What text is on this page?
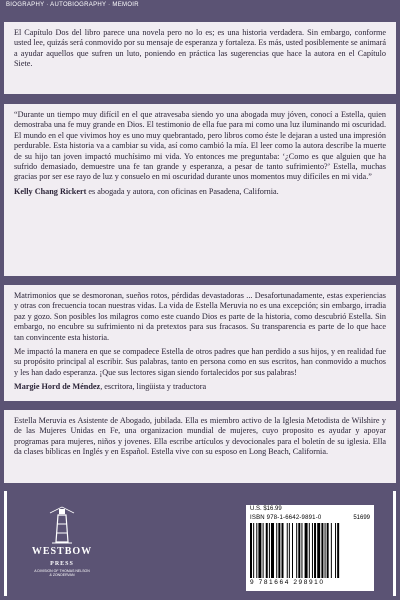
BIOGRAPHY · AUTOBIOGRAPHY · MEMOIR

El Capítulo Dos del libro parece una novela pero no lo es; es una historia verdadera. Sin embargo, conforme usted lee, quizás será conmovido por su mensaje de esperanza y fortaleza. Es más, usted posiblemente se animará a ayudar aquellos que sufren un luto, poniendo en práctica las sugerencias que hace la autora en el Capítulo Siete.

“Durante un tiempo muy difícil en el que atravesaba siendo yo una abogada muy jóven, conocí a Estella, quien demostraba una fe muy grande en Dios. El testimonio de ella fue para mi como una luz iluminando mi oscuridad. El mundo en el que vivimos hoy es uno muy quebrantado, pero libros como éste le dejaran a usted una impresión perdurable. Esta historia va a cambiar su vida, así como cambió la mía. El leer como la autora describe la muerte de su hijo tan joven impactó muchísimo mi vida. Yo entonces me preguntaba: ‘¿Como es que alguien que ha sufrido demasiado, demuestre una fe tan grande y esperanza, a pesar de tanto sufrimiento?’ Estella, muchas gracias por ser ese rayo de luz y consuelo en mi oscuridad durante unos momentos muy difíciles en mi vida.”

Kelly Chang Rickert es abogada y autora, con oficinas en Pasadena, California.

Matrimonios que se desmoronan, sueños rotos, pérdidas devastadoras ... Desafortunadamente, estas experiencias y otras con frecuencia tocan nuestras vidas. La vida de Estella Meruvia no es una excepción; sin embargo, irradia paz y gozo. Son posibles los milagros como este cuando Dios es parte de la historia, como descubrió Estella. Sin embargo, no encubre su sufrimiento ni da pretextos para sus fracasos. Su transparencia es parte de lo que hace tan convincente esta historia.

Me impactó la manera en que se compadece Estella de otros padres que han perdido a sus hijos, y en realidad fue su propósito principal al escribir. Sus palabras, tanto en persona como en sus escritos, han conmovido a muchos y les han dado esperanza. ¡Que sus lectores sigan siendo fortalecidos por sus palabras!

Margie Hord de Méndez, escritora, lingüista y traductora

Estella Meruvia es Asistente de Abogado, jubilada. Ella es miembro activo de la Iglesia Metodista de Wilshire y de las Mujeres Unidas en Fe, una organizacion mundial de mujeres, cuyo proposito es ayudar y apoyar programas para mujeres, niños y jovenes. Ella escribe artículos y devocionales para el boletín de su iglesia. Ella da clases bíblicas en Inglés y en Español. Estella vive con su esposo en Long Beach, California.

WESTBOW PRESS
A DIVISION OF THOMAS NELSON
& ZONDERVAN
U.S. $16.99
ISBN 978-1-6642-9891-0	51699
9 781664 298910
